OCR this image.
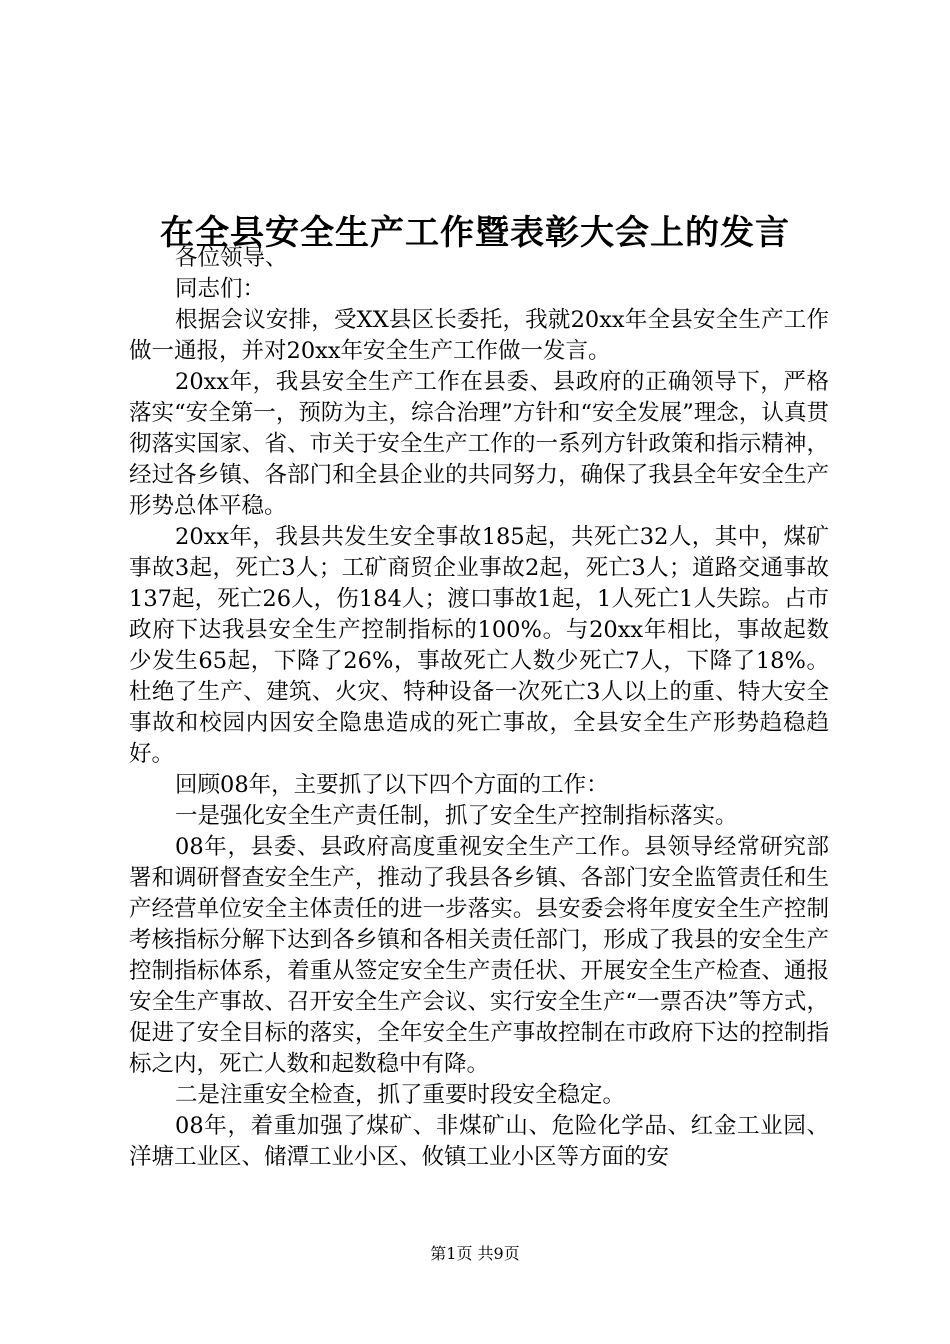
在全县安全生产工作暨表彰大会上的发言

各位领导、

同志们：

根据会议安排，受XX县区长委托，我就20xx年全县安全生产工作做一通报，并对20xx年安全生产工作做一发言。

20xx年，我县安全生产工作在县委、县政府的正确领导下，严格落实“安全第一，预防为主，综合治理”方针和“安全发展”理念，认真贯彻落实国家、省、市关于安全生产工作的一系列方针政策和指示精神，经过各乡镇、各部门和全县企业的共同努力，确保了我县全年安全生产形势总体平稳。

20xx年，我县共发生安全事故185起，共死亡32人，其中，煤矿事故3起，死亡3人；工矿商贸企业事故2起，死亡3人；道路交通事故137起，死亡26人，伤184人；渡口事故1起，1人死亡1人失踪。占市政府下达我县安全生产控制指标的100%。与20xx年相比，事故起数少发生65起，下降了26%，事故死亡人数少死亡7人，下降了18%。杜绝了生产、建筑、火灾、特种设备一次死亡3人以上的重、特大安全事故和校园内因安全隐患造成的死亡事故，全县安全生产形势趋稳趋好。

回顾08年，主要抓了以下四个方面的工作：

一是强化安全生产责任制，抓了安全生产控制指标落实。

08年，县委、县政府高度重视安全生产工作。县领导经常研究部署和调研督查安全生产，推动了我县各乡镇、各部门安全监管责任和生产经营单位安全主体责任的进一步落实。县安委会将年度安全生产控制考核指标分解下达到各乡镇和各相关责任部门，形成了我县的安全生产控制指标体系，着重从签定安全生产责任状、开展安全生产检查、通报安全生产事故、召开安全生产会议、实行安全生产“一票否决”等方式，促进了安全目标的落实，全年安全生产事故控制在市政府下达的控制指标之内，死亡人数和起数稳中有降。

二是注重安全检查，抓了重要时段安全稳定。

08年，着重加强了煤矿、非煤矿山、危险化学品、红金工业园、洋塘工业区、储潭工业小区、攸镇工业小区等方面的安

第1页 共9页
